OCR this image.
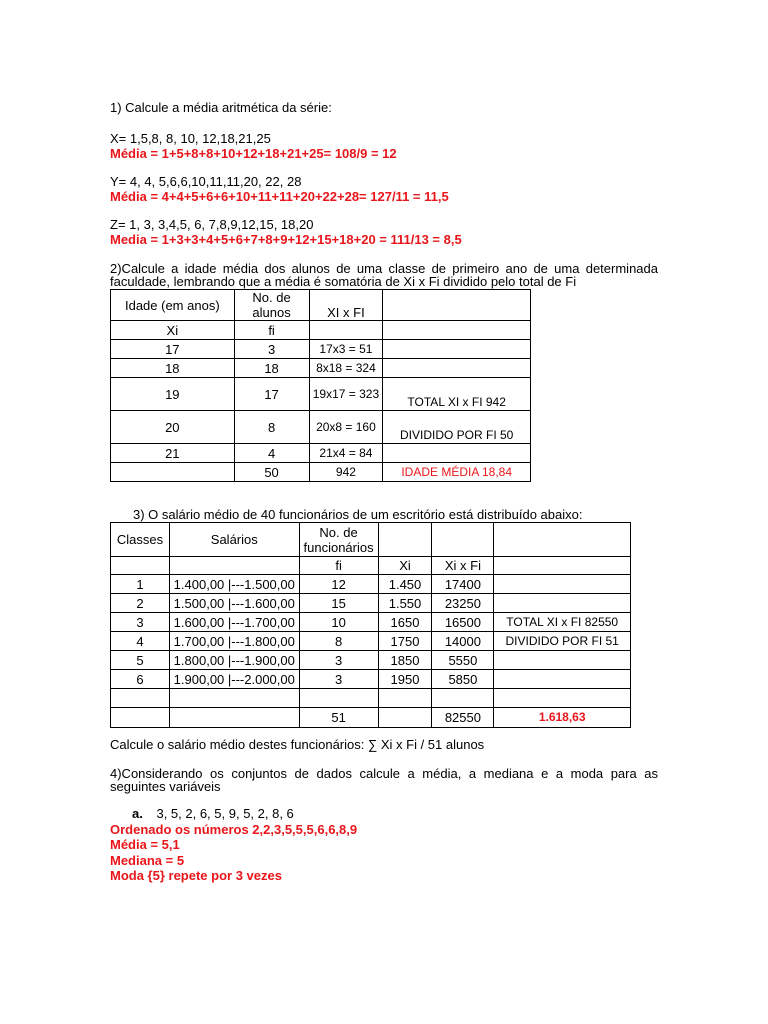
1) Calcule a média aritmética da série:
X= 1,5,8, 8, 10, 12,18,21,25
Média = 1+5+8+8+10+12+18+21+25= 108/9 = 12
Y= 4, 4, 5,6,6,10,11,11,20, 22, 28
Média = 4+4+5+6+6+10+11+11+20+22+28= 127/11 = 11,5
Z= 1, 3, 3,4,5, 6, 7,8,9,12,15, 18,20
Media = 1+3+3+4+5+6+7+8+9+12+15+18+20 = 111/13 = 8,5
2)Calcule a idade média dos alunos de uma classe de primeiro ano de uma determinada
faculdade, lembrando que a média é somatória de Xi x Fi dividido pelo total de Fi
Idade (em anos)	No. de alunos	XI x FI	
Xi	fi		
17	3	17x3 = 51	
18	18	8x18 = 324	
19	17	19x17 = 323	TOTAL XI x FI 942
20	8	20x8 = 160	DIVIDIDO POR FI 50
21	4	21x4 = 84	
	50	942	IDADE MÉDIA 18,84
3) O salário médio de 40 funcionários de um escritório está distribuído abaixo:
Classes	Salários	No. de funcionários			
		fi	Xi	Xi x Fi	
1	1.400,00 |---1.500,00	12	1.450	17400	
2	1.500,00 |---1.600,00	15	1.550	23250	
3	1.600,00 |---1.700,00	10	1650	16500	TOTAL XI x FI 82550
4	1.700,00 |---1.800,00	8	1750	14000	DIVIDIDO POR FI 51
5	1.800,00 |---1.900,00	3	1850	5550	
6	1.900,00 |---2.000,00	3	1950	5850	

		51		82550	1.618,63
Calcule o salário médio destes funcionários: ∑ Xi x Fi / 51 alunos
4)Considerando os conjuntos de dados calcule a média, a mediana e a moda para as
seguintes variáveis
a. 3, 5, 2, 6, 5, 9, 5, 2, 8, 6
Ordenado os números 2,2,3,5,5,5,6,6,8,9
Média = 5,1
Mediana = 5
Moda {5} repete por 3 vezes
